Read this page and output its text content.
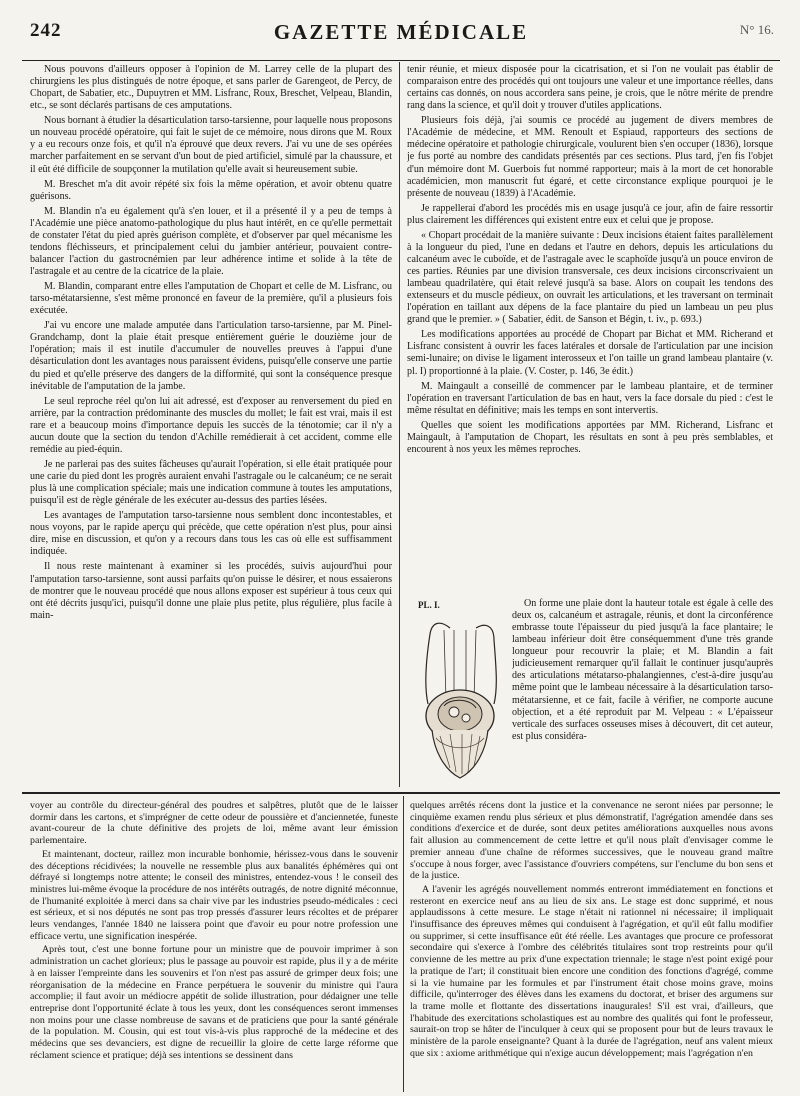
242	GAZETTE MÉDICALE	N° 16.

Nous pouvons d'ailleurs opposer à l'opinion de M. Larrey celle de la plupart des chirurgiens les plus distingués de notre époque, et sans parler de Garengeot, de Percy, de Chopart, de Sabatier, etc., Dupuytren et MM. Lisfranc, Roux, Breschet, Velpeau, Blandin, etc., se sont déclarés partisans de ces amputations.

Nous bornant à étudier la désarticulation tarso-tarsienne, pour laquelle nous proposons un nouveau procédé opératoire, qui fait le sujet de ce mémoire, nous dirons que M. Roux y a eu recours onze fois, et qu'il n'a éprouvé que deux revers. J'ai vu une de ses opérées marcher parfaitement en se servant d'un bout de pied artificiel, simulé par la chaussure, et il eût été difficile de soupçonner la mutilation qu'elle avait si heureusement subie.

M. Breschet m'a dit avoir répété six fois la même opération, et avoir obtenu quatre guérisons.

M. Blandin n'a eu également qu'à s'en louer, et il a présenté il y a peu de temps à l'Académie une pièce anatomo-pathologique du plus haut intérêt, en ce qu'elle permettait de constater l'état du pied après guérison complète, et d'observer par quel mécanisme les tendons fléchisseurs, et principalement celui du jambier antérieur, pouvaient contre-balancer l'action du gastrocnémien par leur adhérence intime et solide à la tête de l'astragale et au centre de la cicatrice de la plaie.

M. Blandin, comparant entre elles l'amputation de Chopart et celle de M. Lisfranc, ou tarso-métatarsienne, s'est même prononcé en faveur de la première, qu'il a plusieurs fois exécutée.

J'ai vu encore une malade amputée dans l'articulation tarso-tarsienne, par M. Pinel-Grandchamp, dont la plaie était presque entièrement guérie le douzième jour de l'opération; mais il est inutile d'accumuler de nouvelles preuves à l'appui d'une désarticulation dont les avantages nous paraissent évidens, puisqu'elle conserve une partie du pied et qu'elle préserve des dangers de la difformité, qui sont la conséquence presque inévitable de l'amputation de la jambe.

Le seul reproche réel qu'on lui ait adressé, est d'exposer au renversement du pied en arrière, par la contraction prédominante des muscles du mollet; le fait est vrai, mais il est rare et a beaucoup moins d'importance depuis les succès de la ténotomie; car il n'y a aucun doute que la section du tendon d'Achille remédierait à cet accident, comme elle remédie au pied-équin.

Je ne parlerai pas des suites fâcheuses qu'aurait l'opération, si elle était pratiquée pour une carie du pied dont les progrès auraient envahi l'astragale ou le calcanéum; ce ne serait plus là une complication spéciale; mais une indication commune à toutes les amputations, puisqu'il est de règle générale de les exécuter au-dessus des parties lésées.

Les avantages de l'amputation tarso-tarsienne nous semblent donc incontestables, et nous voyons, par le rapide aperçu qui précède, que cette opération n'est plus, pour ainsi dire, mise en discussion, et qu'on y a recours dans tous les cas où elle est suffisamment indiquée.

Il nous reste maintenant à examiner si les procédés, suivis aujourd'hui pour l'amputation tarso-tarsienne, sont aussi parfaits qu'on puisse le désirer, et nous essaierons de montrer que le nouveau procédé que nous allons exposer est supérieur à tous ceux qui ont été décrits jusqu'ici, puisqu'il donne une plaie plus petite, plus régulière, plus facile à main-

tenir réunie, et mieux disposée pour la cicatrisation, et si l'on ne voulait pas établir de comparaison entre des procédés qui ont toujours une valeur et une importance réelles, dans certains cas donnés, on nous accordera sans peine, je crois, que le nôtre mérite de prendre rang dans la science, et qu'il doit y trouver d'utiles applications.

Plusieurs fois déjà, j'ai soumis ce procédé au jugement de divers membres de l'Académie de médecine, et MM. Renoult et Espiaud, rapporteurs des sections de médecine opératoire et pathologie chirurgicale, voulurent bien s'en occuper (1836), lorsque je fus porté au nombre des candidats présentés par ces sections. Plus tard, j'en fis l'objet d'un mémoire dont M. Guerbois fut nommé rapporteur; mais à la mort de cet honorable académicien, mon manuscrit fut égaré, et cette circonstance explique pourquoi je le présente de nouveau (1839) à l'Académie.

Je rappellerai d'abord les procédés mis en usage jusqu'à ce jour, afin de faire ressortir plus clairement les différences qui existent entre eux et celui que je propose.

« Chopart procédait de la manière suivante : Deux incisions étaient faites parallèlement à la longueur du pied, l'une en dedans et l'autre en dehors, depuis les articulations du calcanéum avec le cuboïde, et de l'astragale avec le scaphoïde jusqu'à un pouce environ de ces parties. Réunies par une division transversale, ces deux incisions circonscrivaient un lambeau quadrilatère, qui était relevé jusqu'à sa base. Alors on coupait les tendons des extenseurs et du muscle pédieux, on ouvrait les articulations, et les traversant on terminait l'opération en taillant aux dépens de la face plantaire du pied un lambeau un peu plus grand que le premier. » ( Sabatier, édit. de Sanson et Bégin, t. iv., p. 693.)

Les modifications apportées au procédé de Chopart par Bichat et MM. Richerand et Lisfranc consistent à ouvrir les faces latérales et dorsale de l'articulation par une incision semi-lunaire; on divise le ligament interosseux et l'on taille un grand lambeau plantaire (v. pl. I) proportionné à la plaie. (V. Coster, p. 146, 3e édit.)

M. Maingault a conseillé de commencer par le lambeau plantaire, et de terminer l'opération en traversant l'articulation de bas en haut, vers la face dorsale du pied : c'est le même résultat en définitive; mais les temps en sont intervertis.

Quelles que soient les modifications apportées par MM. Richerand, Lisfranc et Maingault, à l'amputation de Chopart, les résultats en sont à peu près semblables, et encourent à nos yeux les mêmes reproches.

PL. I.	On forme une plaie dont la hauteur totale est égale à celle des deux os, calcanéum et astragale, réunis, et dont la circonférence embrasse toute l'épaisseur du pied jusqu'à la face plantaire; le lambeau inférieur doit être conséquemment d'une très grande longueur pour recouvrir la plaie; et M. Blandin a fait judicieusement remarquer qu'il fallait le continuer jusqu'auprès des articulations métatarso-phalangiennes, c'est-à-dire jusqu'au même point que le lambeau nécessaire à la désarticulation tarso-métatarsienne, et ce fait, facile à vérifier, ne comporte aucune objection, et a été reproduit par M. Velpeau : « L'épaisseur verticale des surfaces osseuses mises à découvert, dit cet auteur, est plus considéra-

voyer au contrôle du directeur-général des poudres et salpêtres, plutôt que de le laisser dormir dans les cartons, et s'imprégner de cette odeur de poussière et d'anciennetée, funeste avant-coureur de la chute définitive des projets de loi, même avant leur émission parlementaire.

Et maintenant, docteur, raillez mon incurable bonhomie, hérissez-vous dans le souvenir des déceptions récidivées; la nouvelle ne ressemble plus aux banalités éphémères qui ont défrayé si longtemps notre attente; le conseil des ministres, entendez-vous ! le conseil des ministres lui-même évoque la procédure de nos intérêts outragés, de notre dignité méconnue, de l'humanité exploitée à merci dans sa chair vive par les industries pseudo-médicales : ceci est sérieux, et si nos députés ne sont pas trop pressés d'assurer leurs récoltes et de préparer leurs vendanges, l'année 1840 ne laissera point que d'avoir eu pour notre profession une efficace vertu, une signification inespérée.

Après tout, c'est une bonne fortune pour un ministre que de pouvoir imprimer à son administration un cachet glorieux; plus le passage au pouvoir est rapide, plus il y a de mérite à en laisser l'empreinte dans les souvenirs et l'on n'est pas assuré de grimper deux fois; une réorganisation de la médecine en France perpétuera le souvenir du ministre qui l'aura accomplie; il faut avoir un médiocre appétit de solide illustration, pour dédaigner une telle entreprise dont l'opportunité éclate à tous les yeux, dont les conséquences seront immenses non moins pour une classe nombreuse de savans et de praticiens que pour la santé générale de la population. M. Cousin, qui est tout vis-à-vis plus rapproché de la médecine et des médecins que ses devanciers, est digne de recueillir la gloire de cette large réforme que réclament science et pratique; déjà ses intentions se dessinent dans

quelques arrêtés récens dont la justice et la convenance ne seront niées par personne; le cinquième examen rendu plus sérieux et plus démonstratif, l'agrégation amendée dans ses conditions d'exercice et de durée, sont deux petites améliorations auxquelles nous avons fait allusion au commencement de cette lettre et qu'il nous plaît d'envisager comme le premier anneau d'une chaîne de réformes successives, que le nouveau grand maître s'occupe à nous forger, avec l'assistance d'ouvriers compétens, sur l'enclume du bon sens et de la justice.

A l'avenir les agrégés nouvellement nommés entreront immédiatement en fonctions et resteront en exercice neuf ans au lieu de six ans. Le stage est donc supprimé, et nous applaudissons à cette mesure. Le stage n'était ni rationnel ni nécessaire; il impliquait l'insuffisance des épreuves mêmes qui conduisent à l'agrégation, et qu'il eût fallu modifier ou supprimer, si cette insuffisance eût été réelle. Les avantages que procure ce professorat secondaire qui s'exerce à l'ombre des célébrités titulaires sont trop restreints pour qu'il convienne de les mettre au prix d'une expectation triennale; le stage n'est point exigé pour la pratique de l'art; il constituait bien encore une condition des fonctions d'agrégé, comme si la vie humaine par les formules et par l'instrument était chose moins grave, moins difficile, qu'interroger des élèves dans les examens du doctorat, et briser des argumens sur la trame molle et flottante des dissertations inaugurales! S'il est vrai, d'ailleurs, que l'habitude des exercitations scholastiques est au nombre des qualités qui font le professeur, saurait-on trop se hâter de l'inculquer à ceux qui se proposent pour but de leurs travaux le ministère de la parole enseignante? Quant à la durée de l'agrégation, neuf ans valent mieux que six : axiome arithmétique qui n'exige aucun développement; mais l'agrégation n'en
